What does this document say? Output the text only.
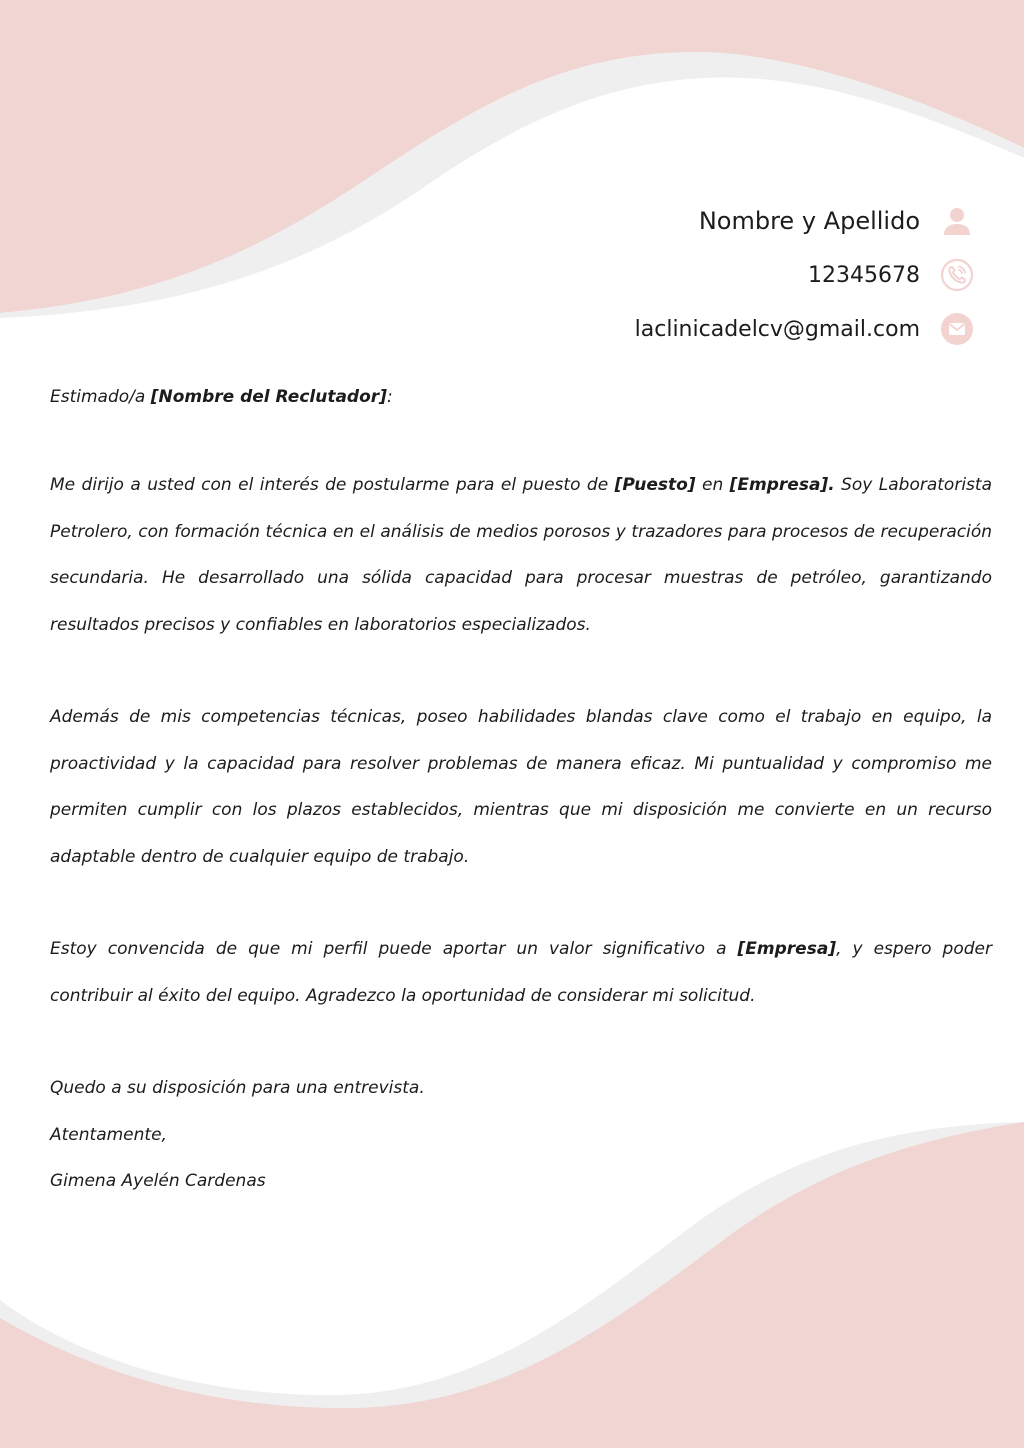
Nombre y Apellido
12345678
laclinicadelcv@gmail.com

Estimado/a [Nombre del Reclutador]:

Me dirijo a usted con el interés de postularme para el puesto de [Puesto] en [Empresa]. Soy Laboratorista Petrolero, con formación técnica en el análisis de medios porosos y trazadores para procesos de recuperación secundaria. He desarrollado una sólida capacidad para procesar muestras de petróleo, garantizando resultados precisos y confiables en laboratorios especializados.

Además de mis competencias técnicas, poseo habilidades blandas clave como el trabajo en equipo, la proactividad y la capacidad para resolver problemas de manera eficaz. Mi puntualidad y compromiso me permiten cumplir con los plazos establecidos, mientras que mi disposición me convierte en un recurso adaptable dentro de cualquier equipo de trabajo.

Estoy convencida de que mi perfil puede aportar un valor significativo a [Empresa], y espero poder contribuir al éxito del equipo. Agradezco la oportunidad de considerar mi solicitud.

Quedo a su disposición para una entrevista.

Atentamente,

Gimena Ayelén Cardenas
